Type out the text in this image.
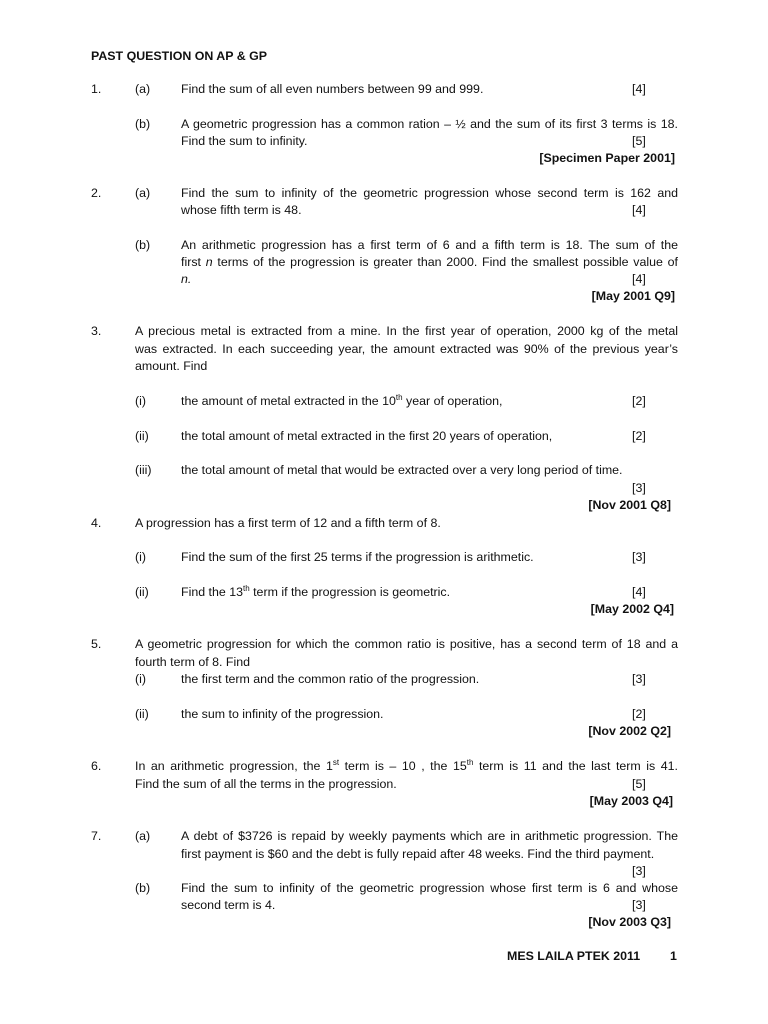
PAST QUESTION ON AP & GP
1.	(a) Find the sum of all even numbers between 99 and 999.	[4]
(b) A geometric progression has a common ration – ½ and the sum of its first 3 terms is 18.
Find the sum to infinity.	[5]
[Specimen Paper 2001]
2.	(a) Find the sum to infinity of the geometric progression whose second term is 162 and
whose fifth term is 48.	[4]
(b) An arithmetic progression has a first term of 6 and a fifth term is 18. The sum of the
first n terms of the progression is greater than 2000. Find the smallest possible value of
n.	[4]
[May 2001 Q9]
3.	A precious metal is extracted from a mine. In the first year of operation, 2000 kg of the metal
was extracted. In each succeeding year, the amount extracted was 90% of the previous year’s
amount. Find
(i)	the amount of metal extracted in the 10th year of operation,	[2]
(ii)	the total amount of metal extracted in the first 20 years of operation,	[2]
(iii) the total amount of metal that would be extracted over a very long period of time.
[3]
[Nov 2001 Q8]
4.	A progression has a first term of 12 and a fifth term of 8.
(i)	Find the sum of the first 25 terms if the progression is arithmetic.	[3]
(ii)	Find the 13th term if the progression is geometric.	[4]
[May 2002 Q4]
5.	A geometric progression for which the common ratio is positive, has a second term of 18 and a
fourth term of 8. Find
(i)	the first term and the common ratio of the progression.	[3]
(ii)	the sum to infinity of the progression.	[2]
[Nov 2002 Q2]
6.	In an arithmetic progression, the 1st term is – 10 , the 15th term is 11 and the last term is 41.
Find the sum of all the terms in the progression.	[5]
[May 2003 Q4]
7.	(a) A debt of $3726 is repaid by weekly payments which are in arithmetic progression. The
first payment is $60 and the debt is fully repaid after 48 weeks. Find the third payment.
[3]
(b) Find the sum to infinity of the geometric progression whose first term is 6 and whose
second term is 4.	[3]
[Nov 2003 Q3]
MES LAILA PTEK 2011 1
